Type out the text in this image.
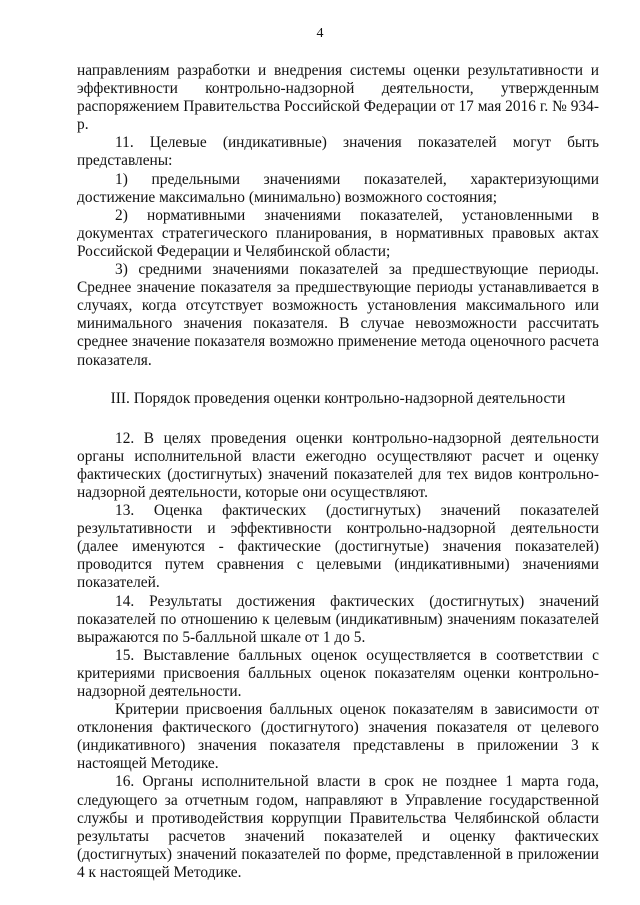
4

направлениям разработки и внедрения системы оценки результативности и эффективности контрольно-надзорной деятельности, утвержденным распоряжением Правительства Российской Федерации от 17 мая 2016 г. № 934-р.

11. Целевые (индикативные) значения показателей могут быть представлены:

1) предельными значениями показателей, характеризующими достижение максимально (минимально) возможного состояния;

2) нормативными значениями показателей, установленными в документах стратегического планирования, в нормативных правовых актах Российской Федерации и Челябинской области;

3) средними значениями показателей за предшествующие периоды. Среднее значение показателя за предшествующие периоды устанавливается в случаях, когда отсутствует возможность установления максимального или минимального значения показателя. В случае невозможности рассчитать среднее значение показателя возможно применение метода оценочного расчета показателя.

III. Порядок проведения оценки контрольно-надзорной деятельности

12. В целях проведения оценки контрольно-надзорной деятельности органы исполнительной власти ежегодно осуществляют расчет и оценку фактических (достигнутых) значений показателей для тех видов контрольно-надзорной деятельности, которые они осуществляют.

13. Оценка фактических (достигнутых) значений показателей результативности и эффективности контрольно-надзорной деятельности (далее именуются - фактические (достигнутые) значения показателей) проводится путем сравнения с целевыми (индикативными) значениями показателей.

14. Результаты достижения фактических (достигнутых) значений показателей по отношению к целевым (индикативным) значениям показателей выражаются по 5-балльной шкале от 1 до 5.

15. Выставление балльных оценок осуществляется в соответствии с критериями присвоения балльных оценок показателям оценки контрольно-надзорной деятельности.

Критерии присвоения балльных оценок показателям в зависимости от отклонения фактического (достигнутого) значения показателя от целевого (индикативного) значения показателя представлены в приложении 3 к настоящей Методике.

16. Органы исполнительной власти в срок не позднее 1 марта года, следующего за отчетным годом, направляют в Управление государственной службы и противодействия коррупции Правительства Челябинской области результаты расчетов значений показателей и оценку фактических (достигнутых) значений показателей по форме, представленной в приложении 4 к настоящей Методике.
